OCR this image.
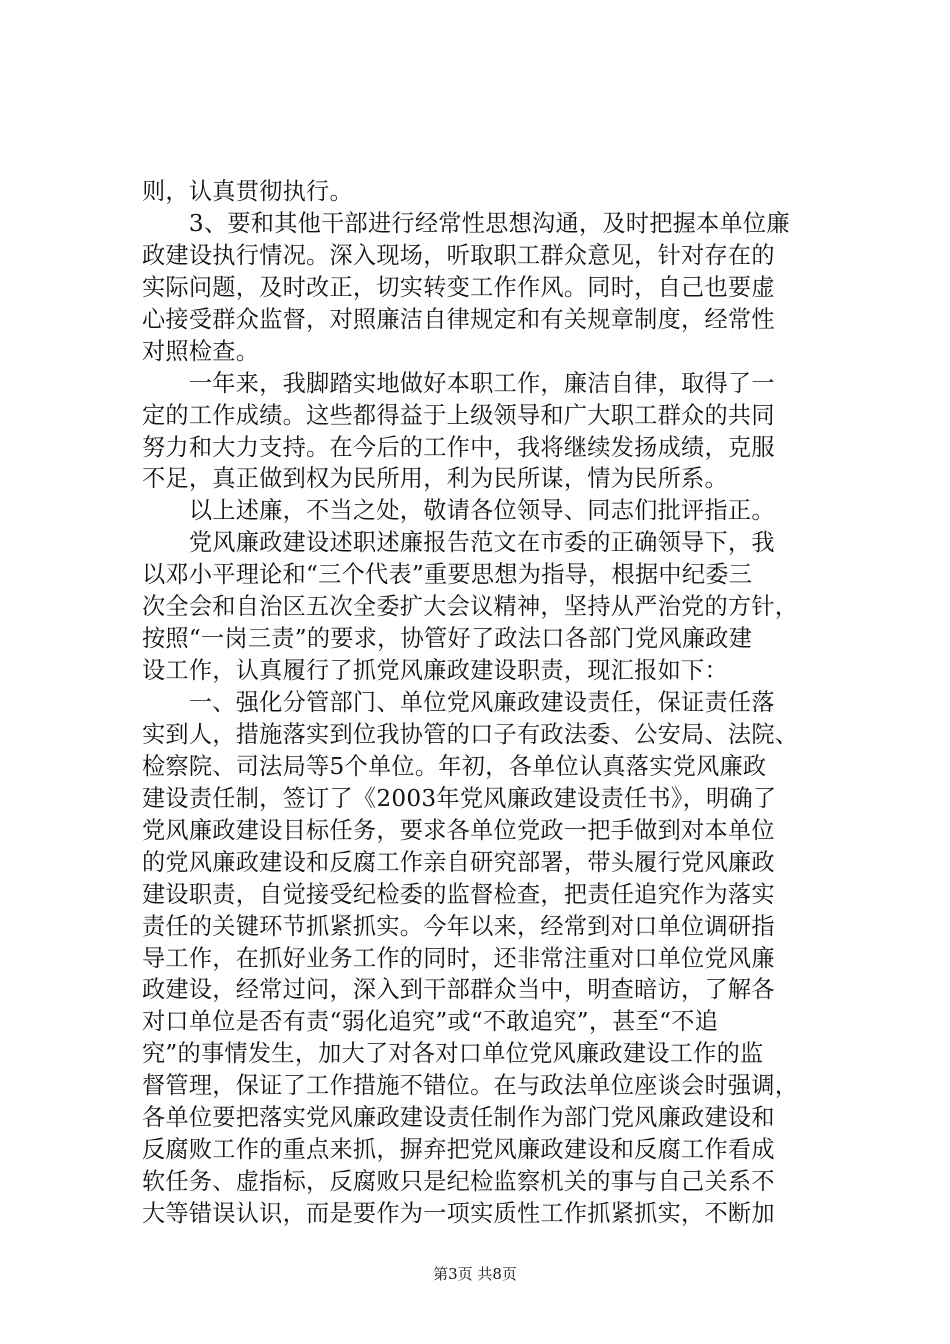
则，认真贯彻执行。
　　3、要和其他干部进行经常性思想沟通，及时把握本单位廉
政建设执行情况。深入现场，听取职工群众意见，针对存在的
实际问题，及时改正，切实转变工作作风。同时，自己也要虚
心接受群众监督，对照廉洁自律规定和有关规章制度，经常性
对照检查。
　　一年来，我脚踏实地做好本职工作，廉洁自律，取得了一
定的工作成绩。这些都得益于上级领导和广大职工群众的共同
努力和大力支持。在今后的工作中，我将继续发扬成绩，克服
不足，真正做到权为民所用，利为民所谋，情为民所系。
　　以上述廉，不当之处，敬请各位领导、同志们批评指正。
　　党风廉政建设述职述廉报告范文在市委的正确领导下，我
以邓小平理论和“三个代表”重要思想为指导，根据中纪委三
次全会和自治区五次全委扩大会议精神，坚持从严治党的方针，
按照“一岗三责”的要求，协管好了政法口各部门党风廉政建
设工作，认真履行了抓党风廉政建设职责，现汇报如下：
　　一、强化分管部门、单位党风廉政建设责任，保证责任落
实到人，措施落实到位我协管的口子有政法委、公安局、法院、
检察院、司法局等5个单位。年初，各单位认真落实党风廉政
建设责任制，签订了《2003年党风廉政建设责任书》，明确了
党风廉政建设目标任务，要求各单位党政一把手做到对本单位
的党风廉政建设和反腐工作亲自研究部署，带头履行党风廉政
建设职责，自觉接受纪检委的监督检查，把责任追究作为落实
责任的关键环节抓紧抓实。今年以来，经常到对口单位调研指
导工作，在抓好业务工作的同时，还非常注重对口单位党风廉
政建设，经常过问，深入到干部群众当中，明查暗访，了解各
对口单位是否有责“弱化追究”或“不敢追究”，甚至“不追
究”的事情发生，加大了对各对口单位党风廉政建设工作的监
督管理，保证了工作措施不错位。在与政法单位座谈会时强调，
各单位要把落实党风廉政建设责任制作为部门党风廉政建设和
反腐败工作的重点来抓，摒弃把党风廉政建设和反腐工作看成
软任务、虚指标，反腐败只是纪检监察机关的事与自己关系不
大等错误认识，而是要作为一项实质性工作抓紧抓实，不断加
第3页 共8页
